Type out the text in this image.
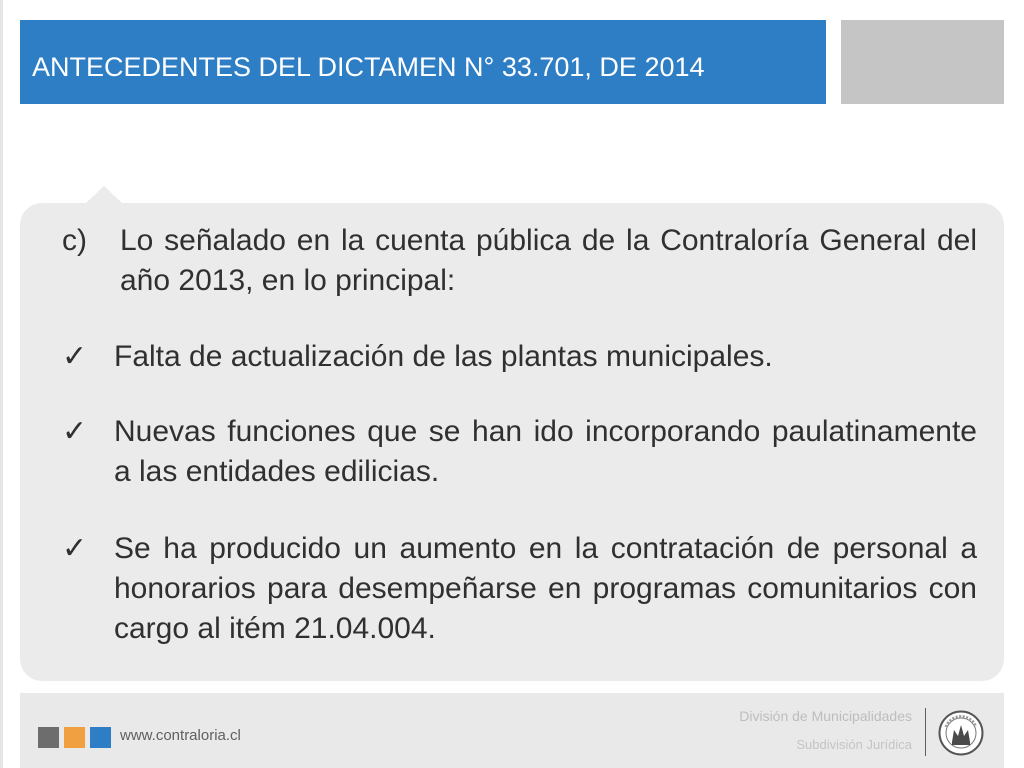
ANTECEDENTES DEL DICTAMEN N° 33.701, DE 2014
c) Lo señalado en la cuenta pública de la Contraloría General del año 2013, en lo principal:
✓ Falta de actualización de las plantas municipales.
✓ Nuevas funciones que se han ido incorporando paulatinamente a las entidades edilicias.
✓ Se ha producido un aumento en la contratación de personal a honorarios para desempeñarse en programas comunitarios con cargo al itém 21.04.004.
www.contraloria.cl
División de Municipalidades
Subdivisión Jurídica
